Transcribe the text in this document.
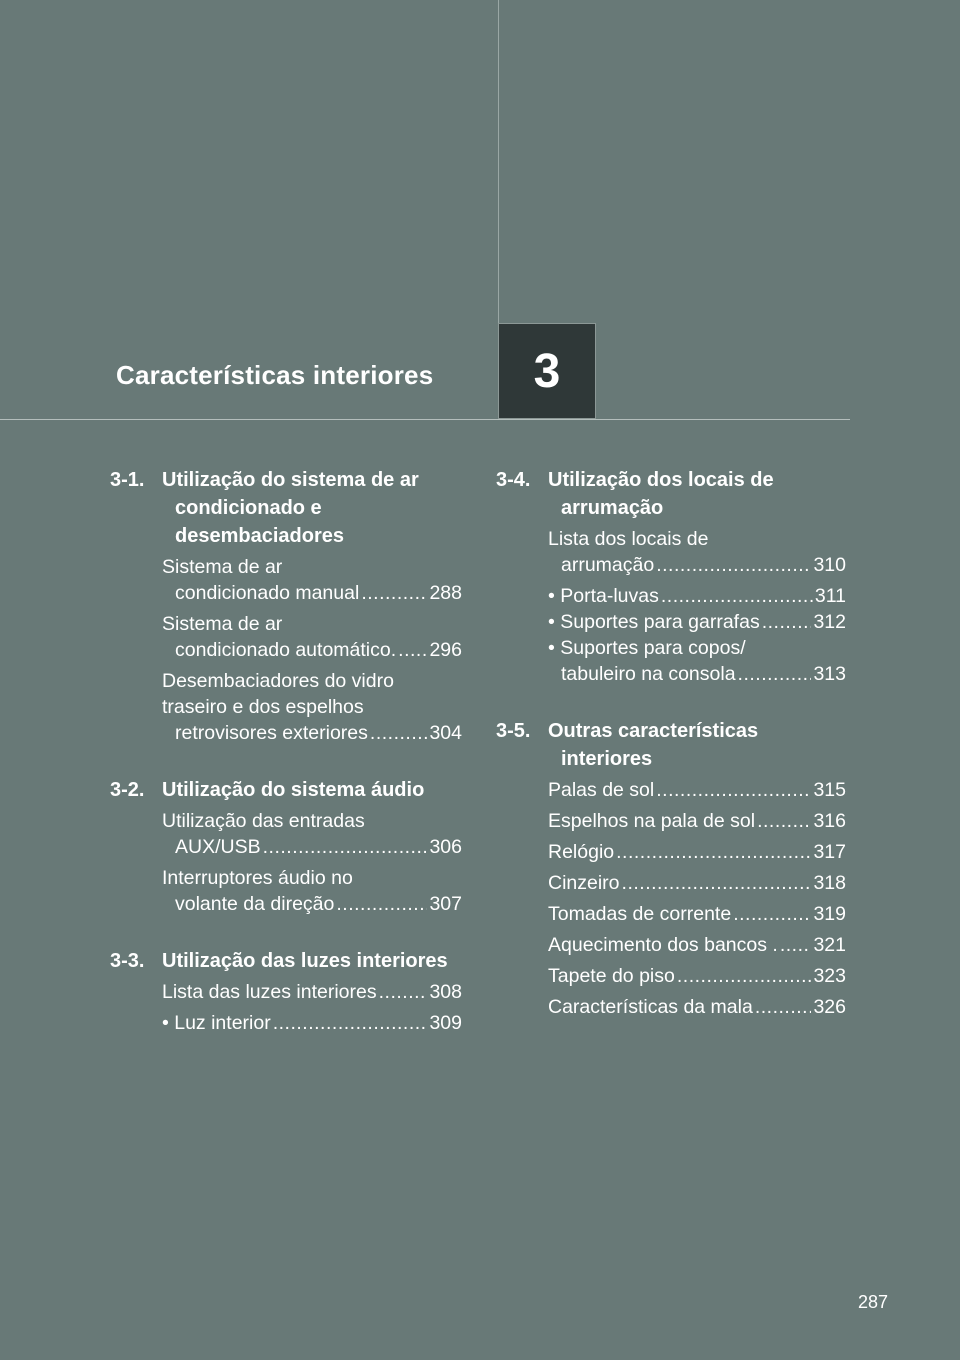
Características interiores 3
3-1. Utilização do sistema de ar condicionado e desembaciadores
Sistema de ar
condicionado manual .....	288
Sistema de ar
condicionado automático. ..... 296
Desembaciadores do vidro traseiro e dos espelhos
retrovisores exteriores .....	304
3-2. Utilização do sistema áudio
Utilização das entradas
AUX/USB .....	306
Interruptores áudio no
volante da direção .....	307
3-3. Utilização das luzes interiores
Lista das luzes interiores .....	308
• Luz interior .....	309
3-4. Utilização dos locais de arrumação
Lista dos locais de
arrumação .....	310
• Porta-luvas .....	311
• Suportes para garrafas .....	312
• Suportes para copos/
tabuleiro na consola .....	313
3-5. Outras características interiores
Palas de sol .....	315
Espelhos na pala de sol .....	316
Relógio .....	317
Cinzeiro .....	318
Tomadas de corrente .....	319
Aquecimento dos bancos . ..... 321
Tapete do piso .....	323
Características da mala .....	326
287
